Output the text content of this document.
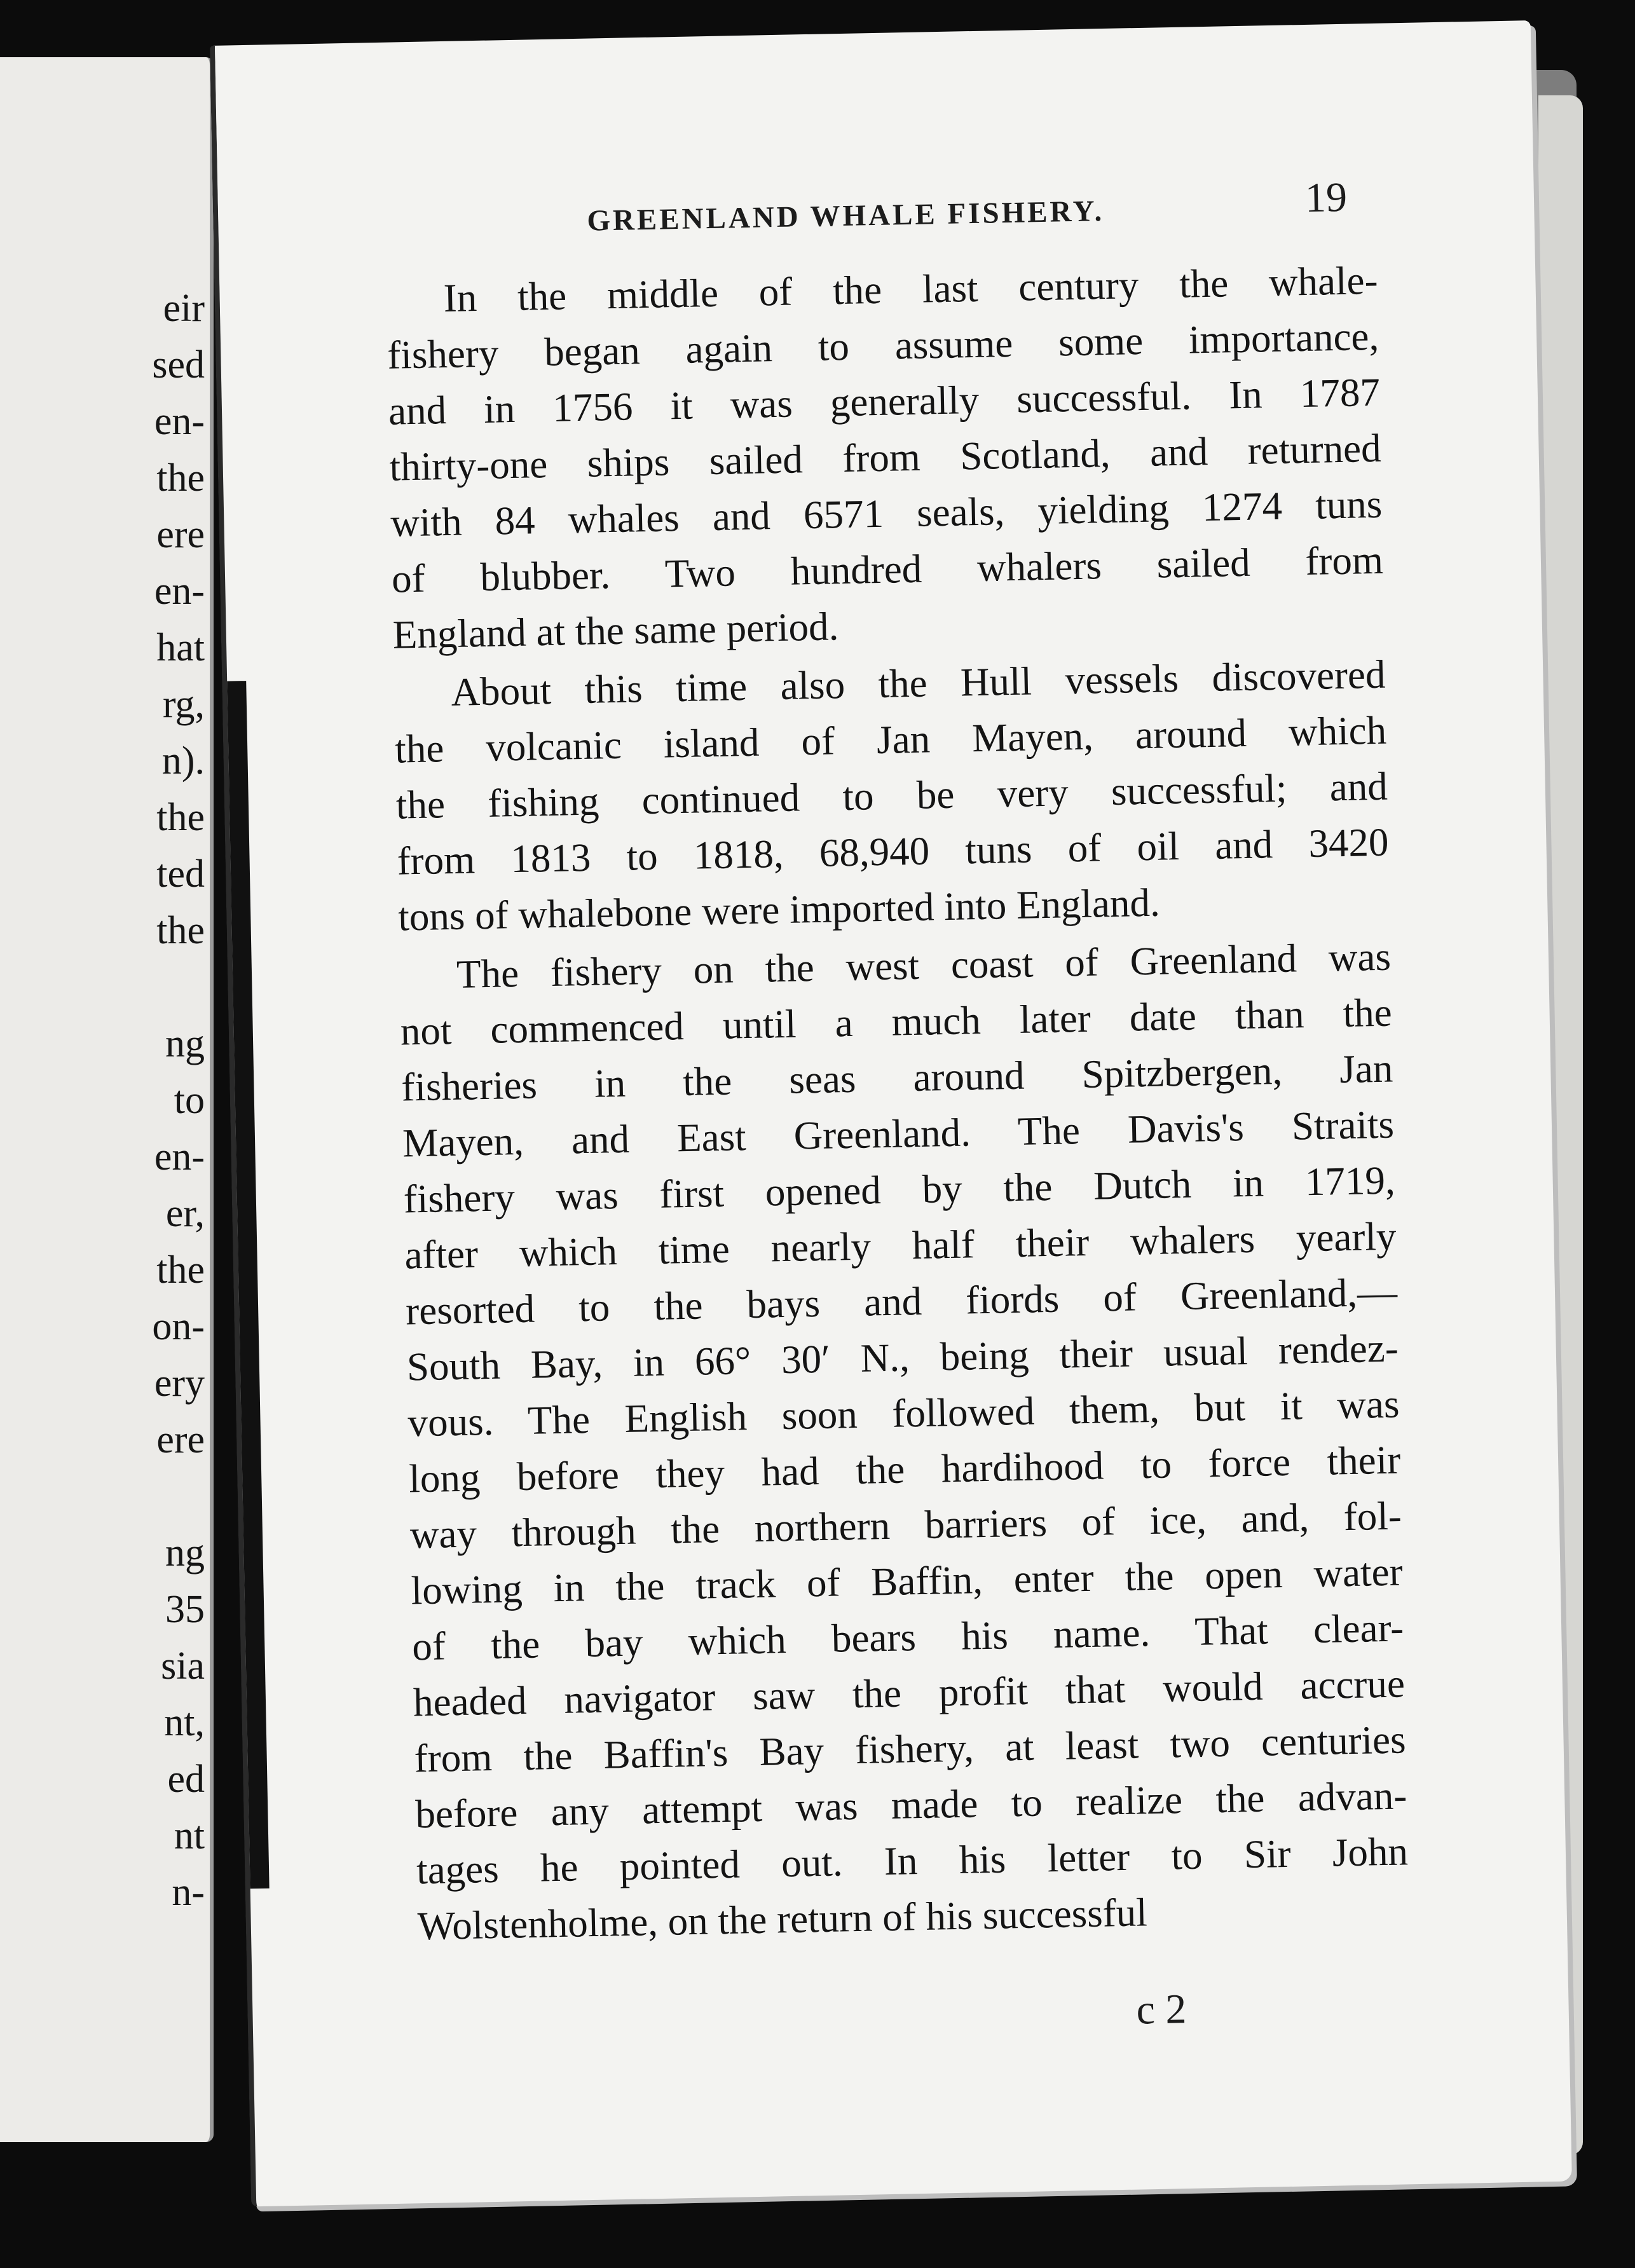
eir
sed
en-
the
ere
en-
hat
rg,
n).
the
ted
the
ng
to
en-
er,
the
on-
ery
ere
ng
35
sia
nt,
ed
nt
n-
GREENLAND WHALE FISHERY.	19
In the middle of the last century the whale-
fishery began again to assume some importance,
and in 1756 it was generally successful. In 1787
thirty-one ships sailed from Scotland, and returned
with 84 whales and 6571 seals, yielding 1274 tuns
of blubber. Two hundred whalers sailed from
England at the same period.
About this time also the Hull vessels discovered
the volcanic island of Jan Mayen, around which
the fishing continued to be very successful; and
from 1813 to 1818, 68,940 tuns of oil and 3420
tons of whalebone were imported into England.
The fishery on the west coast of Greenland was
not commenced until a much later date than the
fisheries in the seas around Spitzbergen, Jan
Mayen, and East Greenland. The Davis's Straits
fishery was first opened by the Dutch in 1719,
after which time nearly half their whalers yearly
resorted to the bays and fiords of Greenland,—
South Bay, in 66° 30′ N., being their usual rendez-
vous. The English soon followed them, but it was
long before they had the hardihood to force their
way through the northern barriers of ice, and, fol-
lowing in the track of Baffin, enter the open water
of the bay which bears his name. That clear-
headed navigator saw the profit that would accrue
from the Baffin's Bay fishery, at least two centuries
before any attempt was made to realize the advan-
tages he pointed out. In his letter to Sir John
Wolstenholme, on the return of his successful
c 2
